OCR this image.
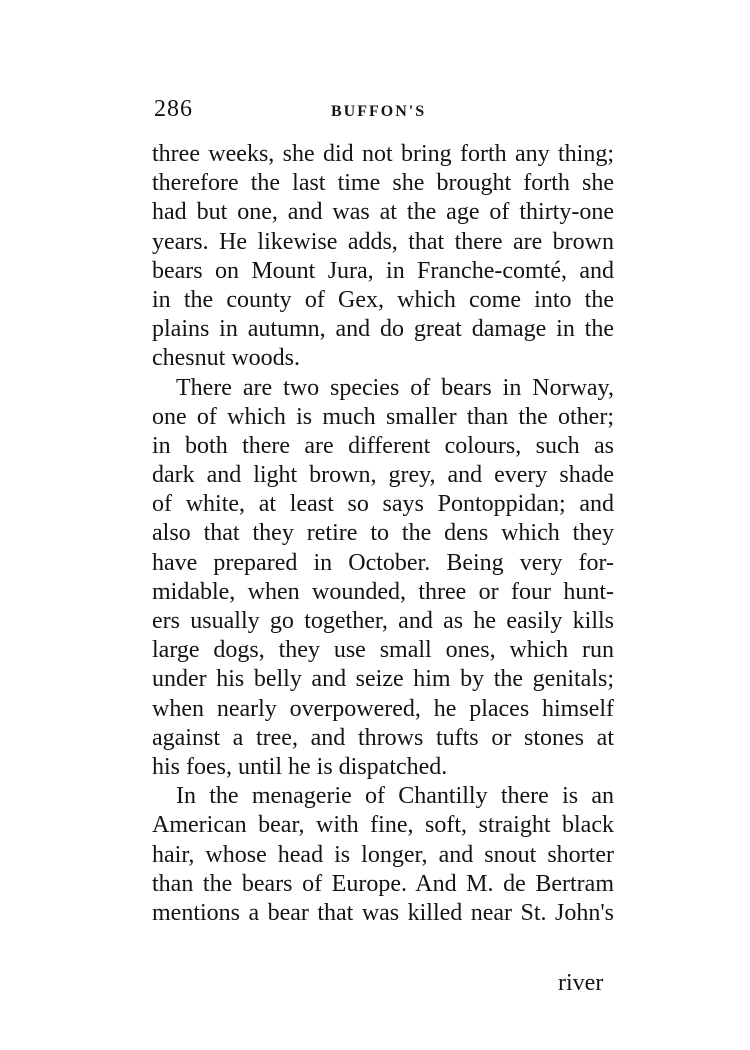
286	BUFFON'S
three weeks, she did not bring forth any thing;
therefore the last time she brought forth she
had but one, and was at the age of thirty-one
years. He likewise adds, that there are brown
bears on Mount Jura, in Franche-comté, and
in the county of Gex, which come into the
plains in autumn, and do great damage in the
chesnut woods.
There are two species of bears in Norway,
one of which is much smaller than the other;
in both there are different colours, such as
dark and light brown, grey, and every shade
of white, at least so says Pontoppidan; and
also that they retire to the dens which they
have prepared in October. Being very for-
midable, when wounded, three or four hunt-
ers usually go together, and as he easily kills
large dogs, they use small ones, which run
under his belly and seize him by the genitals;
when nearly overpowered, he places himself
against a tree, and throws tufts or stones at
his foes, until he is dispatched.
In the menagerie of Chantilly there is an
American bear, with fine, soft, straight black
hair, whose head is longer, and snout shorter
than the bears of Europe. And M. de Bertram
mentions a bear that was killed near St. John's
river
